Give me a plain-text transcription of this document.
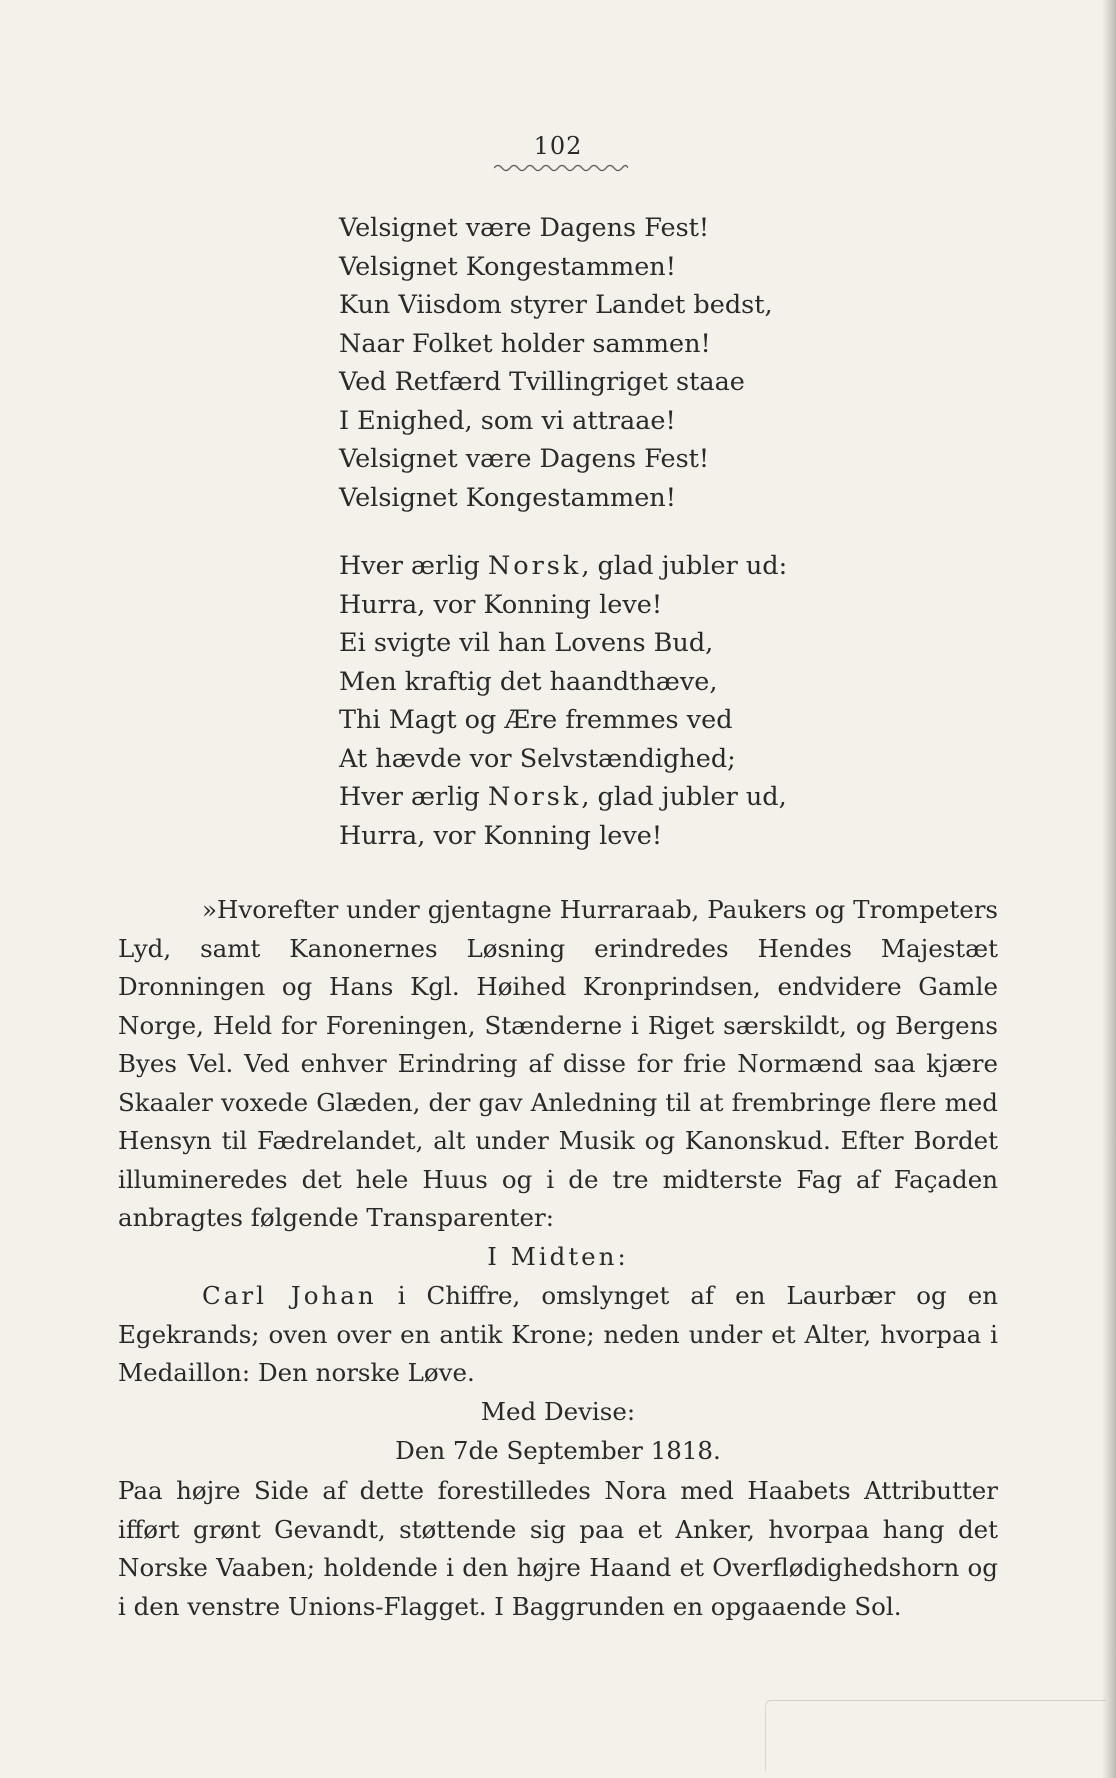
102
Velsignet være Dagens Fest!
Velsignet Kongestammen!
Kun Viisdom styrer Landet bedst,
Naar Folket holder sammen!
Ved Retfærd Tvillingriget staae
I Enighed, som vi attraae!
Velsignet være Dagens Fest!
Velsignet Kongestammen!
Hver ærlig Norsk, glad jubler ud:
Hurra, vor Konning leve!
Ei svigte vil han Lovens Bud,
Men kraftig det haandthæve,
Thi Magt og Ære fremmes ved
At hævde vor Selvstændighed;
Hver ærlig Norsk, glad jubler ud,
Hurra, vor Konning leve!

»Hvorefter under gjentagne Hurraraab, Paukers og Trompeters Lyd, samt Kanonernes Løsning erindredes Hendes Majestæt Dronningen og Hans Kgl. Høihed Kronprindsen, endvidere Gamle Norge, Held for Foreningen, Stænderne i Riget særskildt, og Bergens Byes Vel. Ved enhver Erindring af disse for frie Normænd saa kjære Skaaler voxede Glæden, der gav Anledning til at frembringe flere med Hensyn til Fædrelandet, alt under Musik og Kanonskud. Efter Bordet illumineredes det hele Huus og i de tre midterste Fag af Façaden anbragtes følgende Transparenter:

I Midten:

Carl Johan i Chiffre, omslynget af en Laurbær og en Egekrands; oven over en antik Krone; neden under et Alter, hvorpaa i Medaillon: Den norske Løve.

Med Devise:
Den 7de September 1818.

Paa højre Side af dette forestilledes Nora med Haabets Attributter ifført grønt Gevandt, støttende sig paa et Anker, hvorpaa hang det Norske Vaaben; holdende i den højre Haand et Overflødighedshorn og i den venstre Unions-Flagget. I Baggrunden en opgaaende Sol.
